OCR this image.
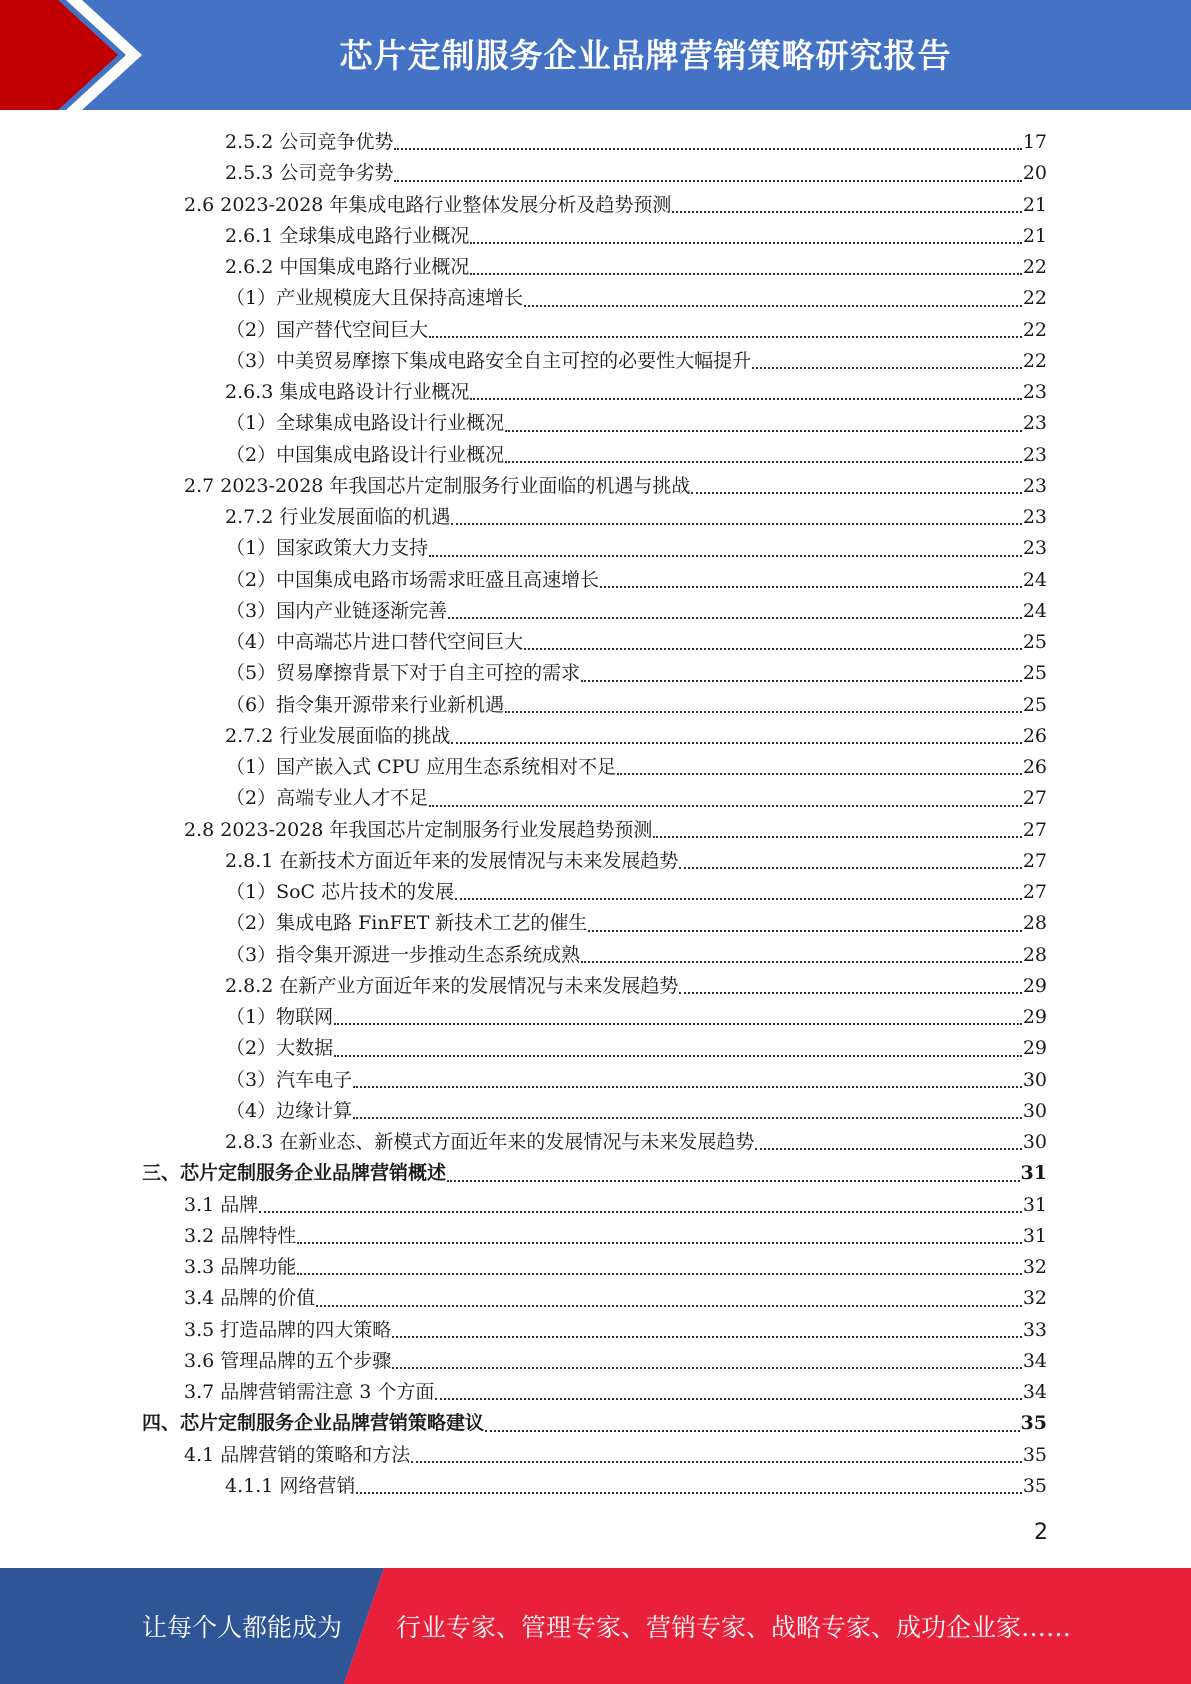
芯片定制服务企业品牌营销策略研究报告
2.5.2 公司竞争优势	17
2.5.3 公司竞争劣势	20
2.6 2023-2028 年集成电路行业整体发展分析及趋势预测	21
2.6.1 全球集成电路行业概况	21
2.6.2 中国集成电路行业概况	22
（1）产业规模庞大且保持高速增长	22
（2）国产替代空间巨大	22
（3）中美贸易摩擦下集成电路安全自主可控的必要性大幅提升	22
2.6.3 集成电路设计行业概况	23
（1）全球集成电路设计行业概况	23
（2）中国集成电路设计行业概况	23
2.7 2023-2028 年我国芯片定制服务行业面临的机遇与挑战	23
2.7.2 行业发展面临的机遇	23
（1）国家政策大力支持	23
（2）中国集成电路市场需求旺盛且高速增长	24
（3）国内产业链逐渐完善	24
（4）中高端芯片进口替代空间巨大	25
（5）贸易摩擦背景下对于自主可控的需求	25
（6）指令集开源带来行业新机遇	25
2.7.2 行业发展面临的挑战	26
（1）国产嵌入式 CPU 应用生态系统相对不足	26
（2）高端专业人才不足	27
2.8 2023-2028 年我国芯片定制服务行业发展趋势预测	27
2.8.1 在新技术方面近年来的发展情况与未来发展趋势	27
（1）SoC 芯片技术的发展	27
（2）集成电路 FinFET 新技术工艺的催生	28
（3）指令集开源进一步推动生态系统成熟	28
2.8.2 在新产业方面近年来的发展情况与未来发展趋势	29
（1）物联网	29
（2）大数据	29
（3）汽车电子	30
（4）边缘计算	30
2.8.3 在新业态、新模式方面近年来的发展情况与未来发展趋势	30
三、芯片定制服务企业品牌营销概述	31
3.1 品牌	31
3.2 品牌特性	31
3.3 品牌功能	32
3.4 品牌的价值	32
3.5 打造品牌的四大策略	33
3.6 管理品牌的五个步骤	34
3.7 品牌营销需注意 3 个方面	34
四、芯片定制服务企业品牌营销策略建议	35
4.1 品牌营销的策略和方法	35
4.1.1 网络营销	35
2
让每个人都能成为 行业专家、管理专家、营销专家、战略专家、成功企业家……
